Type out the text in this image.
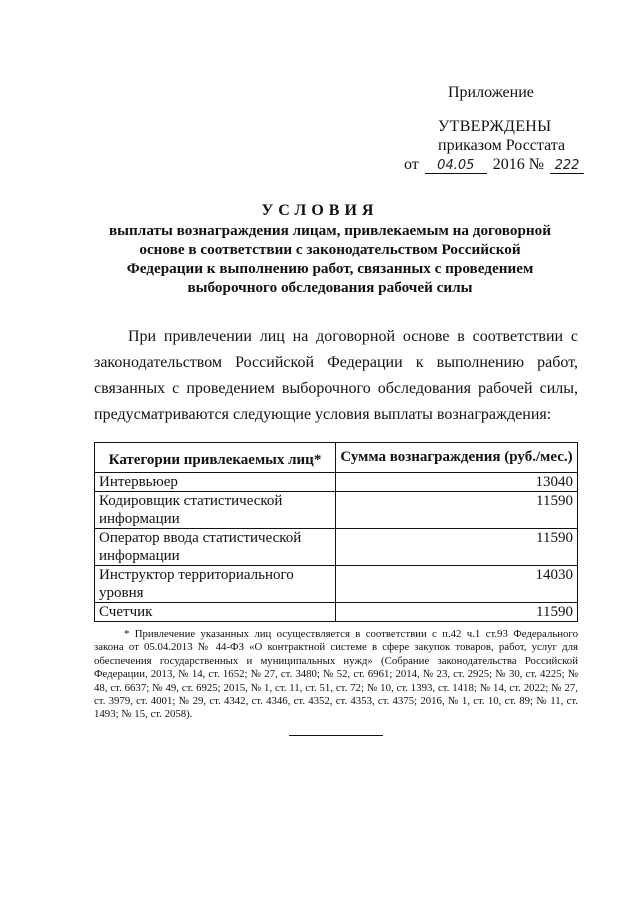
Приложение
УТВЕРЖДЕНЫ
приказом Росстата
от 04.05 2016 № 222
УСЛОВИЯ
выплаты вознаграждения лицам, привлекаемым на договорной основе в соответствии с законодательством Российской Федерации к выполнению работ, связанных с проведением выборочного обследования рабочей силы
При привлечении лиц на договорной основе в соответствии с
законодательством Российской Федерации к выполнению работ,
связанных с проведением выборочного обследования рабочей силы,
предусматриваются следующие условия выплаты вознаграждения:
Категории привлекаемых лиц*	Сумма вознаграждения (руб./мес.)
Интервьюер	13040
Кодировщик статистической информации	11590
Оператор ввода статистической информации	11590
Инструктор территориального уровня	14030
Счетчик	11590
* Привлечение указанных лиц осуществляется в соответствии с п.42 ч.1 ст.93 Федерального закона от 05.04.2013 № 44-ФЗ «О контрактной системе в сфере закупок товаров, работ, услуг для обеспечения государственных и муниципальных нужд» (Собрание законодательства Российской Федерации, 2013, № 14, ст. 1652; № 27, ст. 3480; № 52, ст. 6961; 2014, № 23, ст. 2925; № 30, ст. 4225; № 48, ст. 6637; № 49, ст. 6925; 2015, № 1, ст. 11, ст. 51, ст. 72; № 10, ст. 1393, ст. 1418; № 14, ст. 2022; № 27, ст. 3979, ст. 4001; № 29, ст. 4342, ст. 4346, ст. 4352, ст. 4353, ст. 4375; 2016, № 1, ст. 10, ст. 89; № 11, ст. 1493; № 15, ст. 2058).
